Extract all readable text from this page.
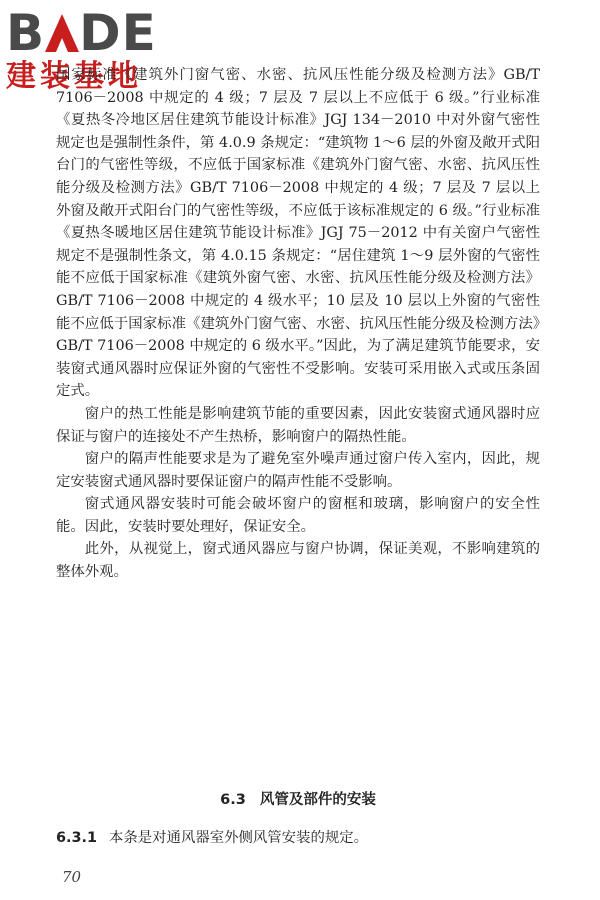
B DE
建装基地

国家标准《建筑外门窗气密、水密、抗风压性能分级及检测方法》GB/T 7106－2008 中规定的 4 级；7 层及 7 层以上不应低于 6 级。”行业标准《夏热冬冷地区居住建筑节能设计标准》JGJ 134－2010 中对外窗气密性规定也是强制性条件，第 4.0.9 条规定：“建筑物 1～6 层的外窗及敞开式阳台门的气密性等级，不应低于国家标准《建筑外门窗气密、水密、抗风压性能分级及检测方法》GB/T 7106－2008 中规定的 4 级；7 层及 7 层以上外窗及敞开式阳台门的气密性等级，不应低于该标准规定的 6 级。”行业标准《夏热冬暖地区居住建筑节能设计标准》JGJ 75－2012 中有关窗户气密性规定不是强制性条文，第 4.0.15 条规定：“居住建筑 1～9 层外窗的气密性能不应低于国家标准《建筑外窗气密、水密、抗风压性能分级及检测方法》GB/T 7106－2008 中规定的 4 级水平；10 层及 10 层以上外窗的气密性能不应低于国家标准《建筑外门窗气密、水密、抗风压性能分级及检测方法》GB/T 7106－2008 中规定的 6 级水平。”因此，为了满足建筑节能要求，安装窗式通风器时应保证外窗的气密性不受影响。安装可采用嵌入式或压条固定式。

窗户的热工性能是影响建筑节能的重要因素，因此安装窗式通风器时应保证与窗户的连接处不产生热桥，影响窗户的隔热性能。

窗户的隔声性能要求是为了避免室外噪声通过窗户传入室内，因此，规定安装窗式通风器时要保证窗户的隔声性能不受影响。

窗式通风器安装时可能会破坏窗户的窗框和玻璃，影响窗户的安全性能。因此，安装时要处理好，保证安全。

此外，从视觉上，窗式通风器应与窗户协调，保证美观，不影响建筑的整体外观。

6.3 风管及部件的安装
6.3.1 本条是对通风器室外侧风管安装的规定。
70
